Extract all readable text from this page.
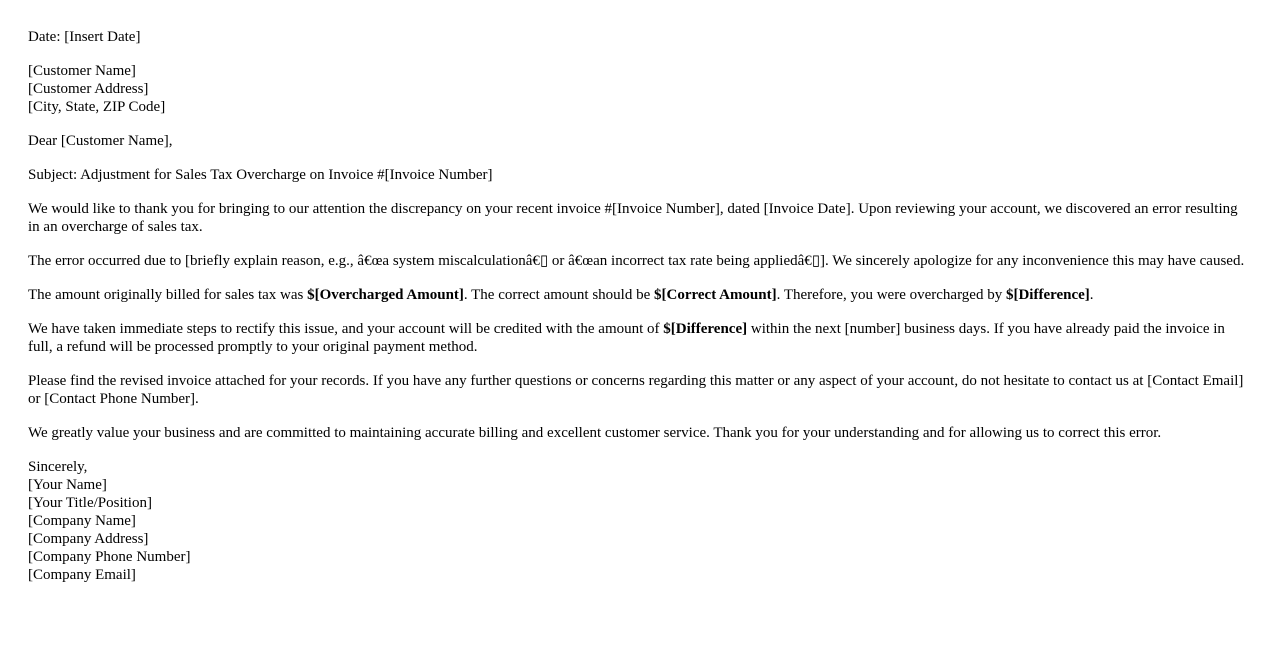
Date: [Insert Date]

[Customer Name]
[Customer Address]
[City, State, ZIP Code]

Dear [Customer Name],

Subject: Adjustment for Sales Tax Overcharge on Invoice #[Invoice Number]

We would like to thank you for bringing to our attention the discrepancy on your recent invoice #[Invoice Number], dated [Invoice Date]. Upon reviewing your account, we discovered an error resulting in an overcharge of sales tax.

The error occurred due to [briefly explain reason, e.g., â€œa system miscalculationâ€▯ or â€œan incorrect tax rate being appliedâ€▯]. We sincerely apologize for any inconvenience this may have caused.

The amount originally billed for sales tax was $[Overcharged Amount]. The correct amount should be $[Correct Amount]. Therefore, you were overcharged by $[Difference].

We have taken immediate steps to rectify this issue, and your account will be credited with the amount of $[Difference] within the next [number] business days. If you have already paid the invoice in full, a refund will be processed promptly to your original payment method.

Please find the revised invoice attached for your records. If you have any further questions or concerns regarding this matter or any aspect of your account, do not hesitate to contact us at [Contact Email] or [Contact Phone Number].

We greatly value your business and are committed to maintaining accurate billing and excellent customer service. Thank you for your understanding and for allowing us to correct this error.

Sincerely,
[Your Name]
[Your Title/Position]
[Company Name]
[Company Address]
[Company Phone Number]
[Company Email]
